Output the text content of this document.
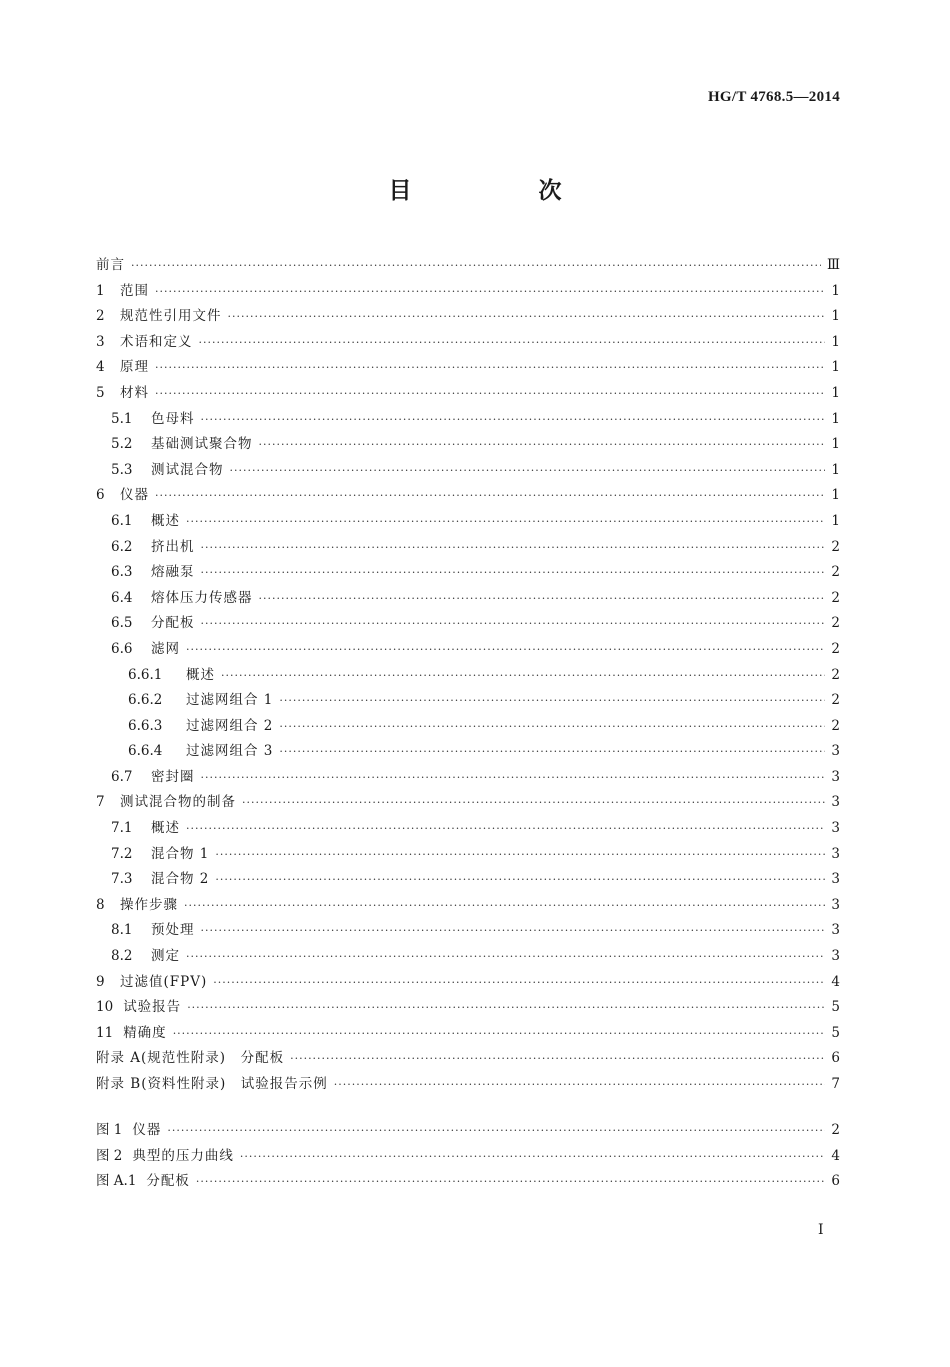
HG/T 4768.5—2014
目　次
前言 ·····	Ⅲ
1	范围 ·····	1
2	规范性引用文件 ·····	1
3	术语和定义 ·····	1
4	原理 ·····	1
5	材料 ·····	1
5.1	色母料 ·····	1
5.2	基础测试聚合物 ·····	1
5.3	测试混合物 ·····	1
6	仪器 ·····	1
6.1	概述 ·····	1
6.2	挤出机 ·····	2
6.3	熔融泵 ·····	2
6.4	熔体压力传感器 ·····	2
6.5	分配板 ·····	2
6.6	滤网 ·····	2
6.6.1	概述 ·····	2
6.6.2	过滤网组合 1 ·····	2
6.6.3	过滤网组合 2 ·····	2
6.6.4	过滤网组合 3 ·····	3
6.7	密封圈 ·····	3
7	测试混合物的制备 ·····	3
7.1	概述 ·····	3
7.2	混合物 1 ·····	3
7.3	混合物 2 ·····	3
8	操作步骤 ·····	3
8.1	预处理 ·····	3
8.2	测定 ·····	3
9	过滤值(FPV) ·····	4
10 试验报告 ·····	5
11 精确度 ·····	5
附录 A(规范性附录)　分配板 ·····	6
附录 B(资料性附录)　试验报告示例 ·····	7
图 1 仪器 ·····	2
图 2 典型的压力曲线 ·····	4
图 A.1 分配板 ·····	6
I
